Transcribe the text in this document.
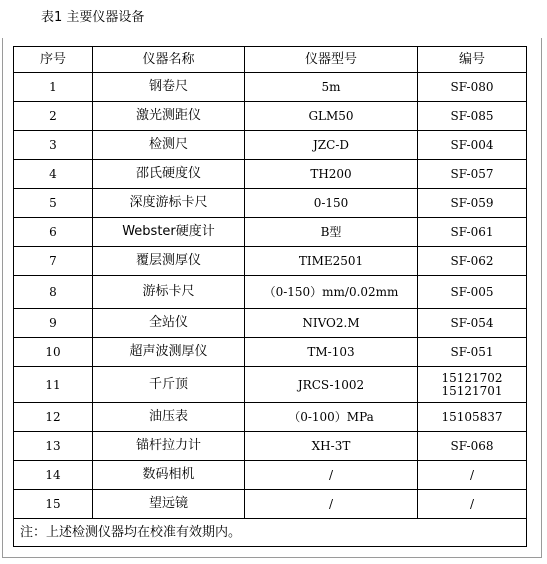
表1 主要仪器设备
序号	仪器名称	仪器型号	编号
1	钢卷尺	5m	SF-080

2	激光测距仪	GLM50	SF-085

3	检测尺	JZC-D	SF-004

4	邵氏硬度仪	TH200	SF-057

5	深度游标卡尺	0-150	SF-059

6	Webster硬度计	B型	SF-061

7	覆层测厚仪	TIME2501	SF-062

8	游标卡尺	（0-150）mm/0.02mm	SF-005

9	全站仪	NIVO2.M	SF-054

10	超声波测厚仪	TM-103	SF-051

11	千斤顶	JRCS-1002	15121702
15121701

12	油压表	（0-100）MPa	15105837

13	锚杆拉力计	XH-3T	SF-068

14	数码相机	/	/

15	望远镜	/	/

注：上述检测仪器均在校准有效期内。			
